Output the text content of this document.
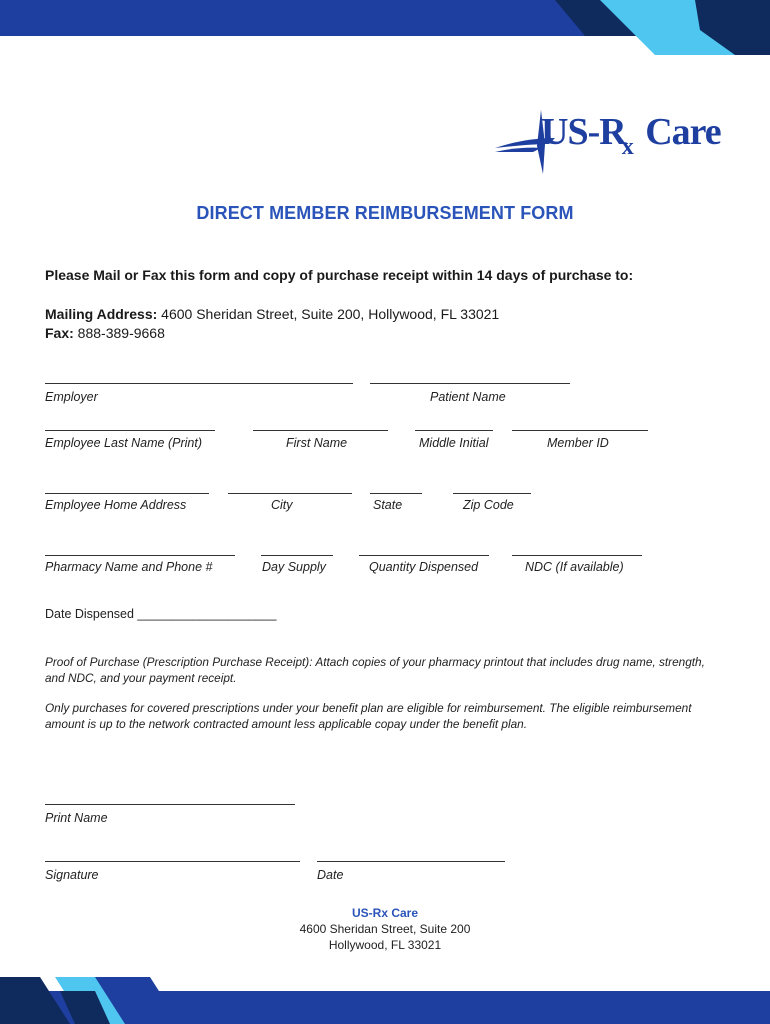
$US-R_x$ Care
DIRECT MEMBER REIMBURSEMENT FORM
Please Mail or Fax this form and copy of purchase receipt within 14 days of purchase to:
Mailing Address: 4600 Sheridan Street, Suite 200, Hollywood, FL 33021
Fax: 888-389-9668
Employer	Patient Name
Employee Last Name (Print)	First Name	Middle Initial	Member ID
Employee Home Address	City	State	Zip Code
Pharmacy Name and Phone #	Day Supply	Quantity Dispensed	NDC (If available)
Date Dispensed ____________________
Proof of Purchase (Prescription Purchase Receipt): Attach copies of your pharmacy printout that includes drug name, strength, and NDC, and your payment receipt.
Only purchases for covered prescriptions under your benefit plan are eligible for reimbursement. The eligible reimbursement amount is up to the network contracted amount less applicable copay under the benefit plan.
Print Name
Signature	Date
US-Rx Care
4600 Sheridan Street, Suite 200
Hollywood, FL 33021
